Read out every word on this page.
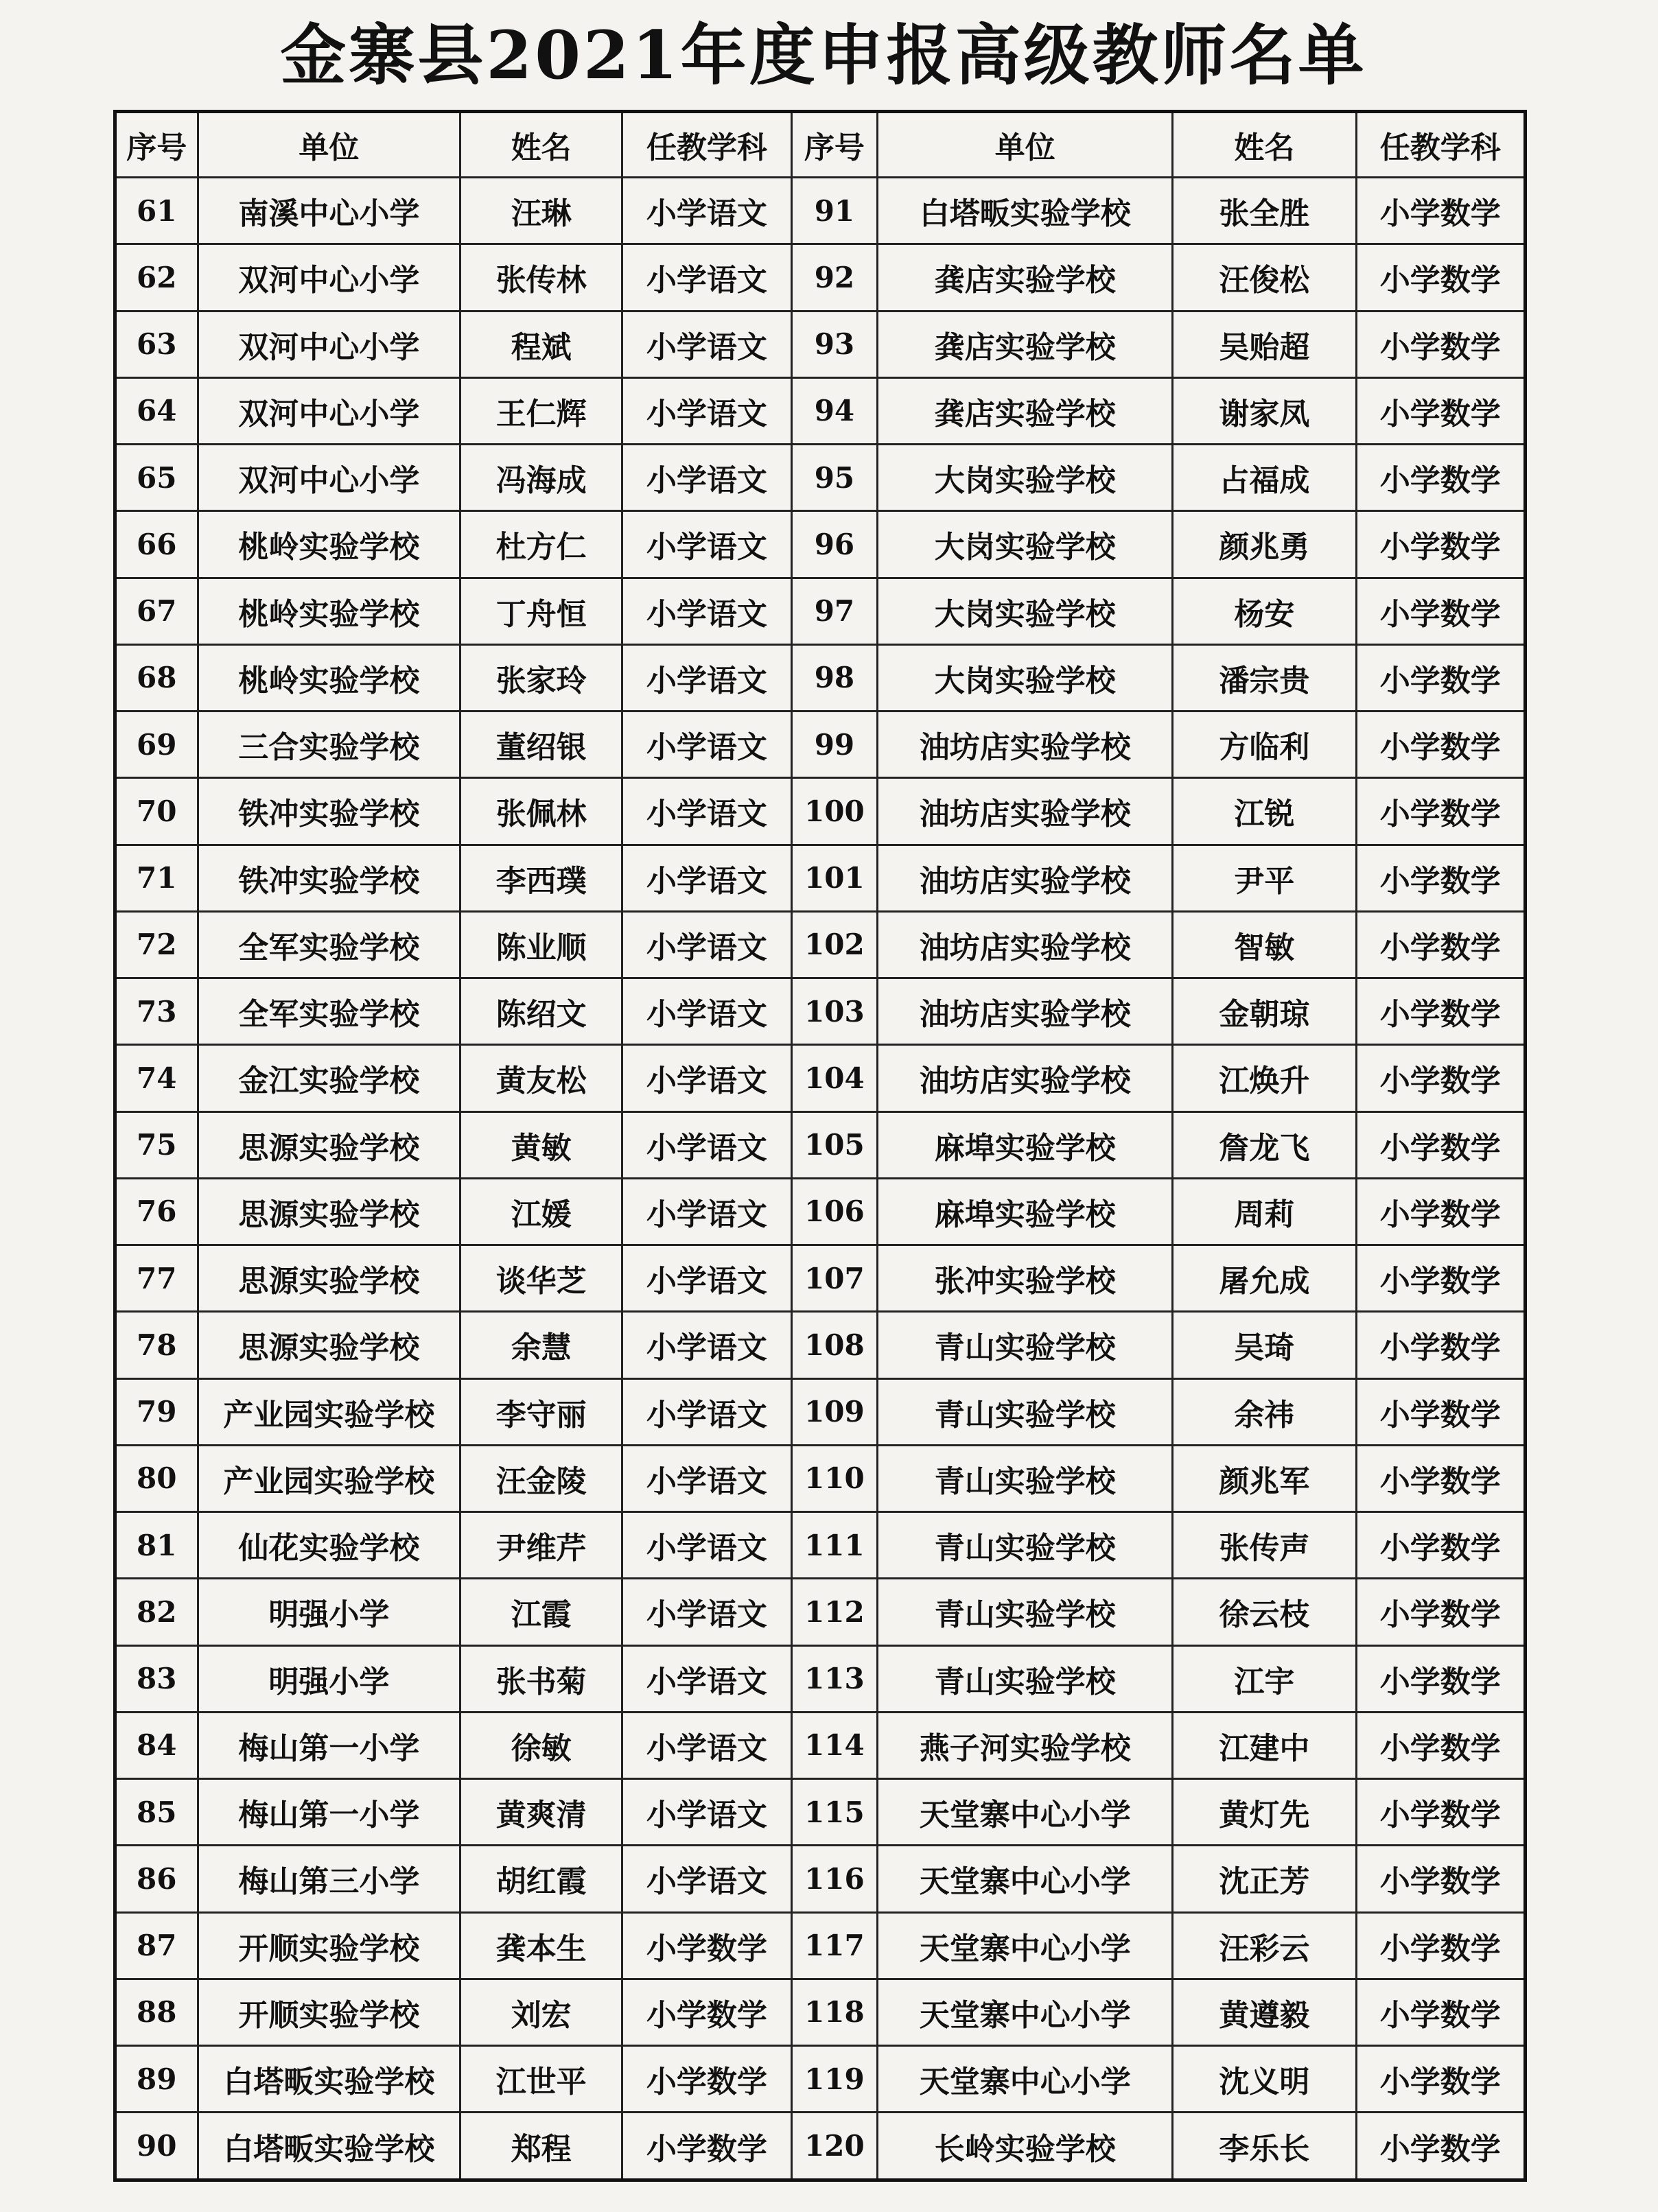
金寨县2021年度申报高级教师名单
序号	单位	姓名	任教学科	序号	单位	姓名	任教学科
61	南溪中心小学	汪琳	小学语文	91	白塔畈实验学校	张全胜	小学数学
62	双河中心小学	张传林	小学语文	92	龚店实验学校	汪俊松	小学数学
63	双河中心小学	程斌	小学语文	93	龚店实验学校	吴贻超	小学数学
64	双河中心小学	王仁辉	小学语文	94	龚店实验学校	谢家凤	小学数学
65	双河中心小学	冯海成	小学语文	95	大岗实验学校	占福成	小学数学
66	桃岭实验学校	杜方仁	小学语文	96	大岗实验学校	颜兆勇	小学数学
67	桃岭实验学校	丁舟恒	小学语文	97	大岗实验学校	杨安	小学数学
68	桃岭实验学校	张家玲	小学语文	98	大岗实验学校	潘宗贵	小学数学
69	三合实验学校	董绍银	小学语文	99	油坊店实验学校	方临利	小学数学
70	铁冲实验学校	张佩林	小学语文	100	油坊店实验学校	江锐	小学数学
71	铁冲实验学校	李西璞	小学语文	101	油坊店实验学校	尹平	小学数学
72	全军实验学校	陈业顺	小学语文	102	油坊店实验学校	智敏	小学数学
73	全军实验学校	陈绍文	小学语文	103	油坊店实验学校	金朝琼	小学数学
74	金江实验学校	黄友松	小学语文	104	油坊店实验学校	江焕升	小学数学
75	思源实验学校	黄敏	小学语文	105	麻埠实验学校	詹龙飞	小学数学
76	思源实验学校	江媛	小学语文	106	麻埠实验学校	周莉	小学数学
77	思源实验学校	谈华芝	小学语文	107	张冲实验学校	屠允成	小学数学
78	思源实验学校	余慧	小学语文	108	青山实验学校	吴琦	小学数学
79	产业园实验学校	李守丽	小学语文	109	青山实验学校	余祎	小学数学
80	产业园实验学校	汪金陵	小学语文	110	青山实验学校	颜兆军	小学数学
81	仙花实验学校	尹维芹	小学语文	111	青山实验学校	张传声	小学数学
82	明强小学	江霞	小学语文	112	青山实验学校	徐云枝	小学数学
83	明强小学	张书菊	小学语文	113	青山实验学校	江宇	小学数学
84	梅山第一小学	徐敏	小学语文	114	燕子河实验学校	江建中	小学数学
85	梅山第一小学	黄爽清	小学语文	115	天堂寨中心小学	黄灯先	小学数学
86	梅山第三小学	胡红霞	小学语文	116	天堂寨中心小学	沈正芳	小学数学
87	开顺实验学校	龚本生	小学数学	117	天堂寨中心小学	汪彩云	小学数学
88	开顺实验学校	刘宏	小学数学	118	天堂寨中心小学	黄遵毅	小学数学
89	白塔畈实验学校	江世平	小学数学	119	天堂寨中心小学	沈义明	小学数学
90	白塔畈实验学校	郑程	小学数学	120	长岭实验学校	李乐长	小学数学
